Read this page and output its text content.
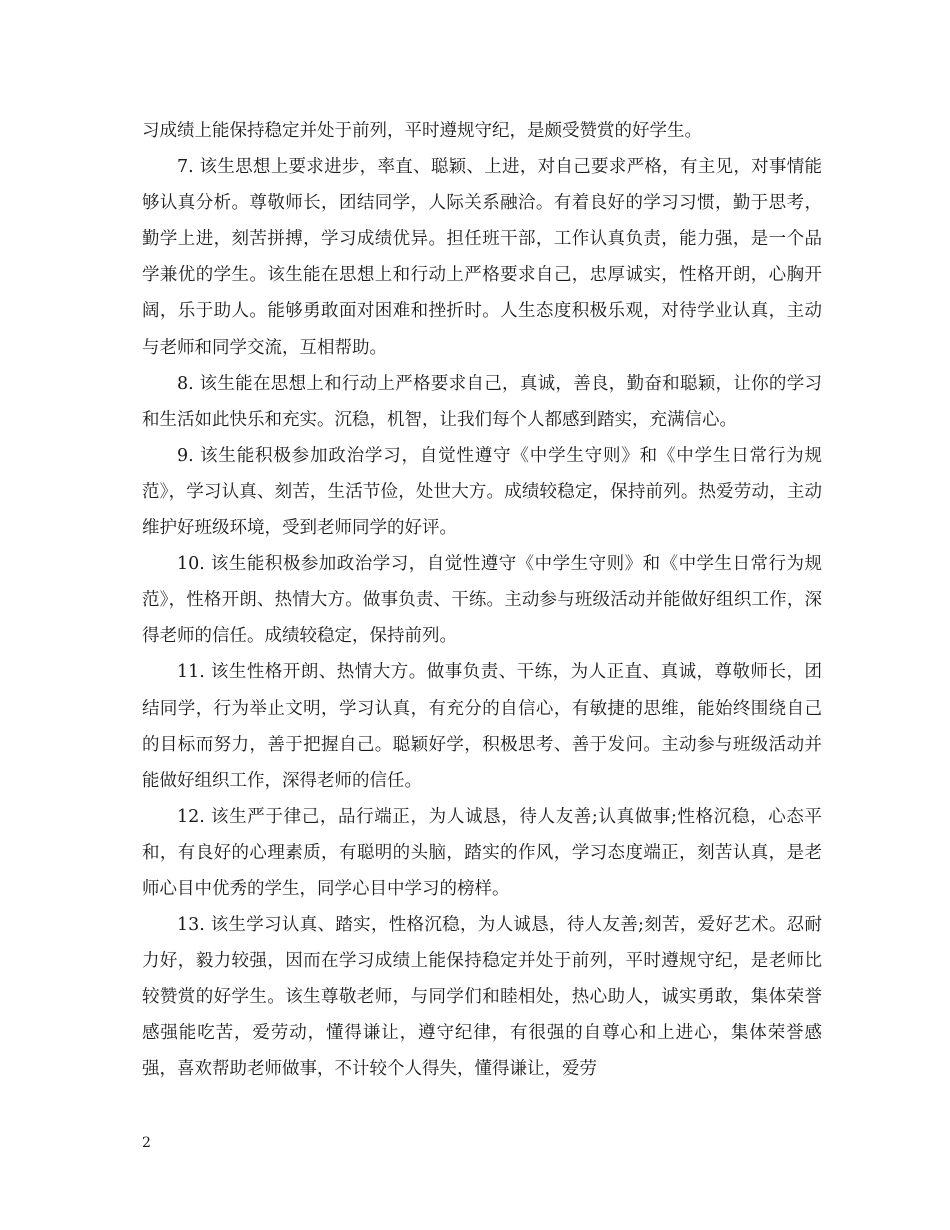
习成绩上能保持稳定并处于前列，平时遵规守纪，是颇受赞赏的好学生。

7. 该生思想上要求进步，率直、聪颖、上进，对自己要求严格，有主见，对事情能够认真分析。尊敬师长，团结同学，人际关系融洽。有着良好的学习习惯，勤于思考，勤学上进，刻苦拼搏，学习成绩优异。担任班干部，工作认真负责，能力强，是一个品学兼优的学生。该生能在思想上和行动上严格要求自己，忠厚诚实，性格开朗，心胸开阔，乐于助人。能够勇敢面对困难和挫折时。人生态度积极乐观，对待学业认真，主动与老师和同学交流，互相帮助。

8. 该生能在思想上和行动上严格要求自己，真诚，善良，勤奋和聪颖，让你的学习和生活如此快乐和充实。沉稳，机智，让我们每个人都感到踏实，充满信心。

9. 该生能积极参加政治学习，自觉性遵守《中学生守则》和《中学生日常行为规范》，学习认真、刻苦，生活节俭，处世大方。成绩较稳定，保持前列。热爱劳动，主动维护好班级环境，受到老师同学的好评。

10. 该生能积极参加政治学习，自觉性遵守《中学生守则》和《中学生日常行为规范》，性格开朗、热情大方。做事负责、干练。主动参与班级活动并能做好组织工作，深得老师的信任。成绩较稳定，保持前列。

11. 该生性格开朗、热情大方。做事负责、干练，为人正直、真诚，尊敬师长，团结同学，行为举止文明，学习认真，有充分的自信心，有敏捷的思维，能始终围绕自己的目标而努力，善于把握自己。聪颖好学，积极思考、善于发问。主动参与班级活动并能做好组织工作，深得老师的信任。

12. 该生严于律己，品行端正，为人诚恳，待人友善;认真做事;性格沉稳，心态平和，有良好的心理素质，有聪明的头脑，踏实的作风，学习态度端正，刻苦认真，是老师心目中优秀的学生，同学心目中学习的榜样。

13. 该生学习认真、踏实，性格沉稳，为人诚恳，待人友善;刻苦，爱好艺术。忍耐力好，毅力较强，因而在学习成绩上能保持稳定并处于前列，平时遵规守纪，是老师比较赞赏的好学生。该生尊敬老师，与同学们和睦相处，热心助人，诚实勇敢，集体荣誉感强能吃苦，爱劳动，懂得谦让，遵守纪律，有很强的自尊心和上进心，集体荣誉感强，喜欢帮助老师做事，不计较个人得失，懂得谦让，爱劳

2
